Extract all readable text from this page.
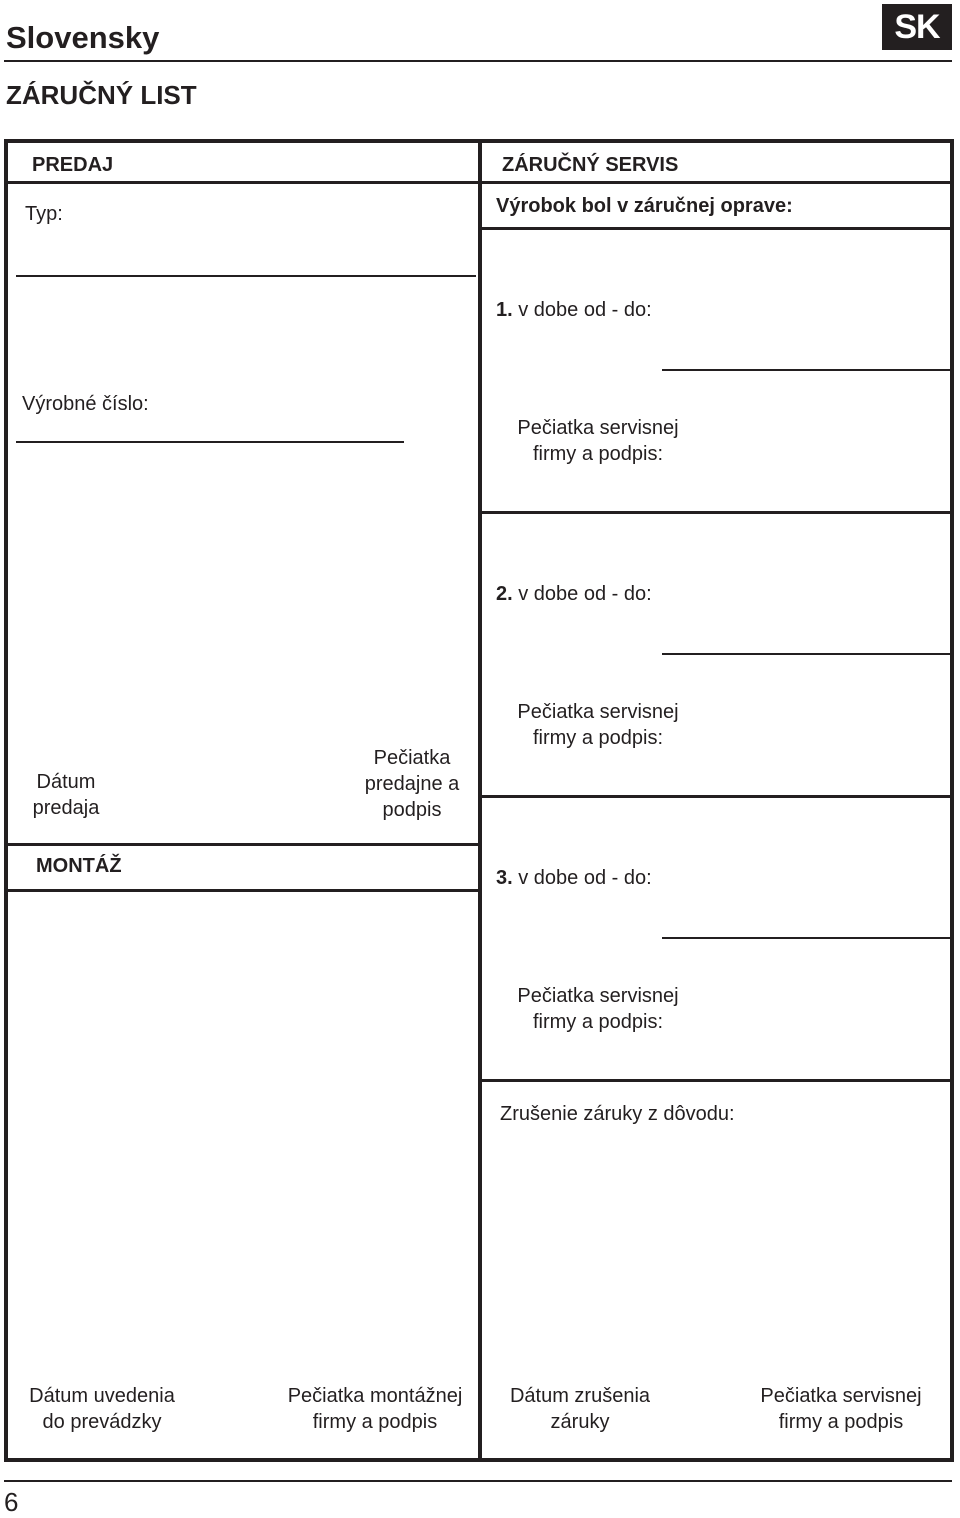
Slovensky	SK
ZÁRUČNÝ LIST
PREDAJ
Typ:
Výrobné číslo:
Dátum
predaja
Pečiatka
predajne a
podpis
MONTÁŽ
ZÁRUČNÝ SERVIS
Výrobok bol v záručnej oprave:
1. v dobe od - do:
Pečiatka servisnej
firmy a podpis:
2. v dobe od - do:
Pečiatka servisnej
firmy a podpis:
3. v dobe od - do:
Pečiatka servisnej
firmy a podpis:
Zrušenie záruky z dôvodu:
Dátum uvedenia
do prevádzky
Pečiatka montážnej
firmy a podpis
Dátum zrušenia
záruky
Pečiatka servisnej
firmy a podpis
6
